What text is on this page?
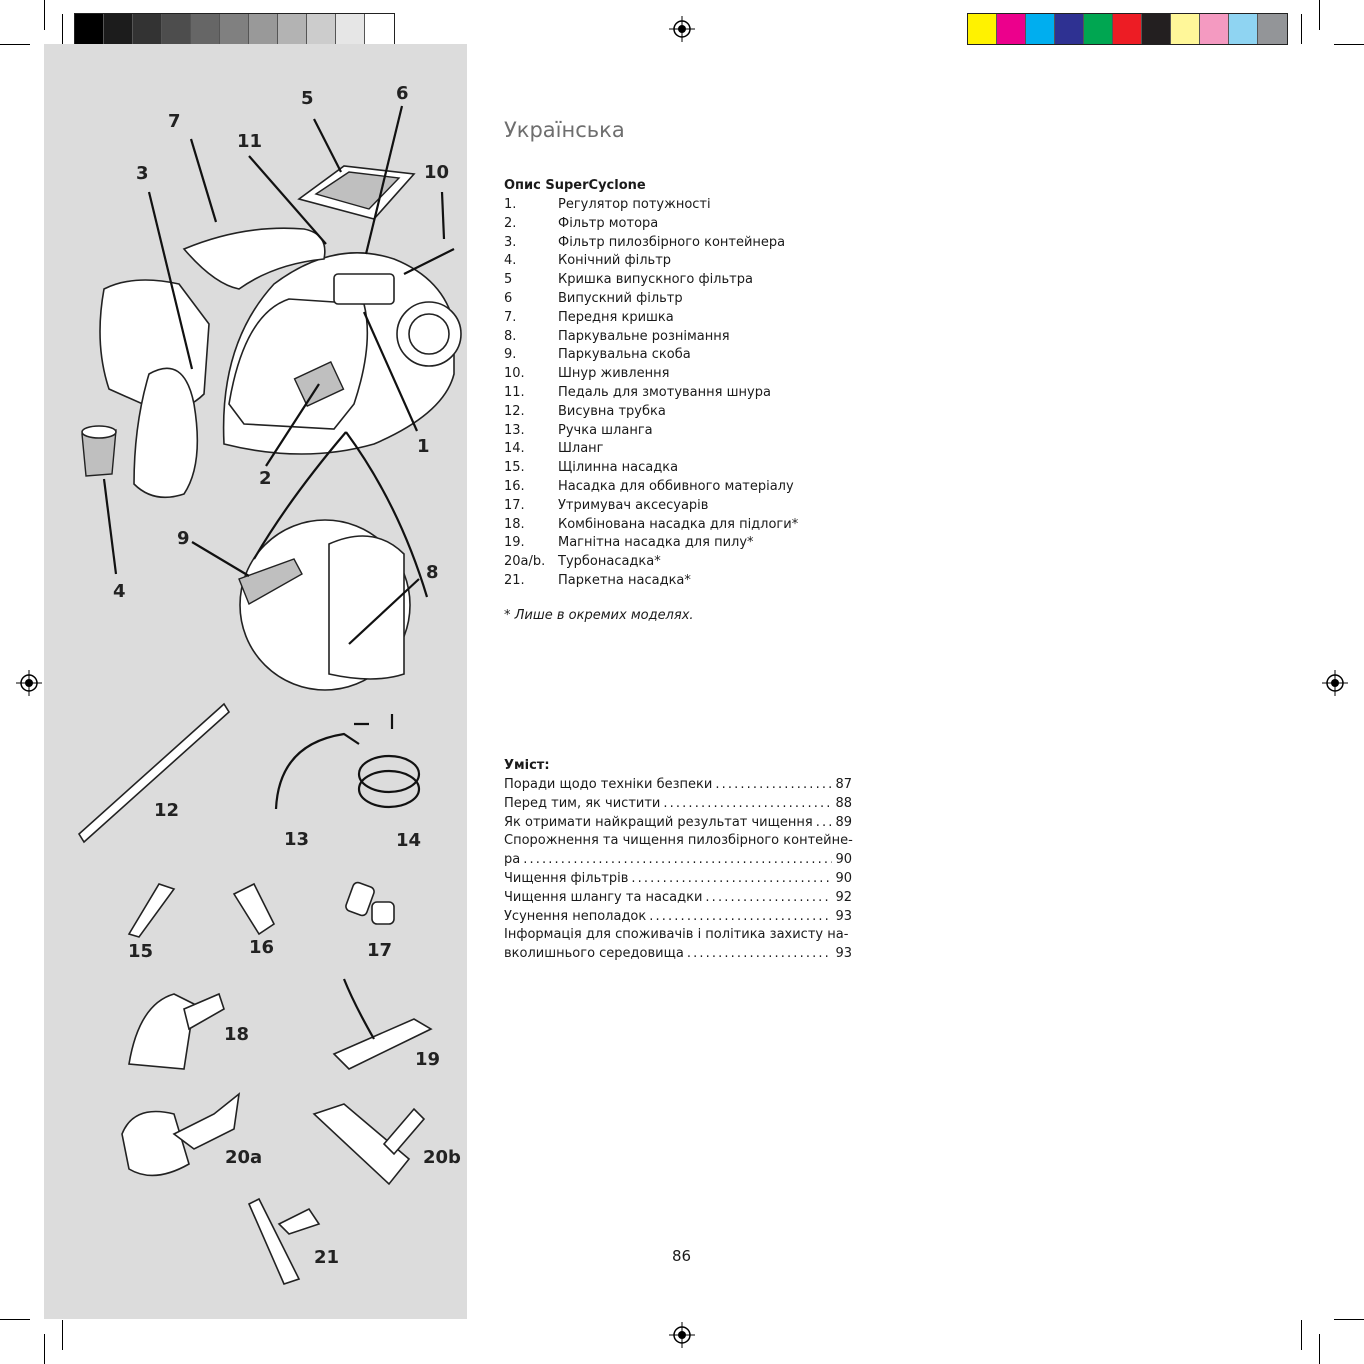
1
2
3
4
5	6
7
8
9
10
11
12
13	14
15	16	17
18
19
20a	20b
21
Українська
Опис SuperCyclone
1.	Регулятор потужності
2.	Фільтр мотора
3.	Фільтр пилозбірного контейнера
4.	Конічний фільтр
5	Кришка випускного фільтра
6	Випускний фільтр
7.	Передня кришка
8.	Паркувальне рознімання
9.	Паркувальна скоба
10.	Шнур живлення
11.	Педаль для змотування шнура
12.	Висувна трубка
13.	Ручка шланга
14.	Шланг
15.	Щілинна насадка
16.	Насадка для оббивного матеріалу
17.	Утримувач аксесуарів
18.	Комбінована насадка для підлоги*
19.	Магнітна насадка для пилу*
20a/b. Турбонасадка*
21.	Паркетна насадка*
* Лише в окремих моделях.
Уміст:
Поради щодо техніки безпеки . . .	87
Перед тим, як чистити . . .	88
Як отримати найкращий результат чищення . . . 89
Спорожнення та чищення пилозбірного контейне-
ра . . .	90
Чищення фільтрів . . .	90
Чищення шлангу та насадки . . .	92
Усунення неполадок . . .	93
Інформація для споживачів і політика захисту на-
вколишнього середовища . . .	93
86
